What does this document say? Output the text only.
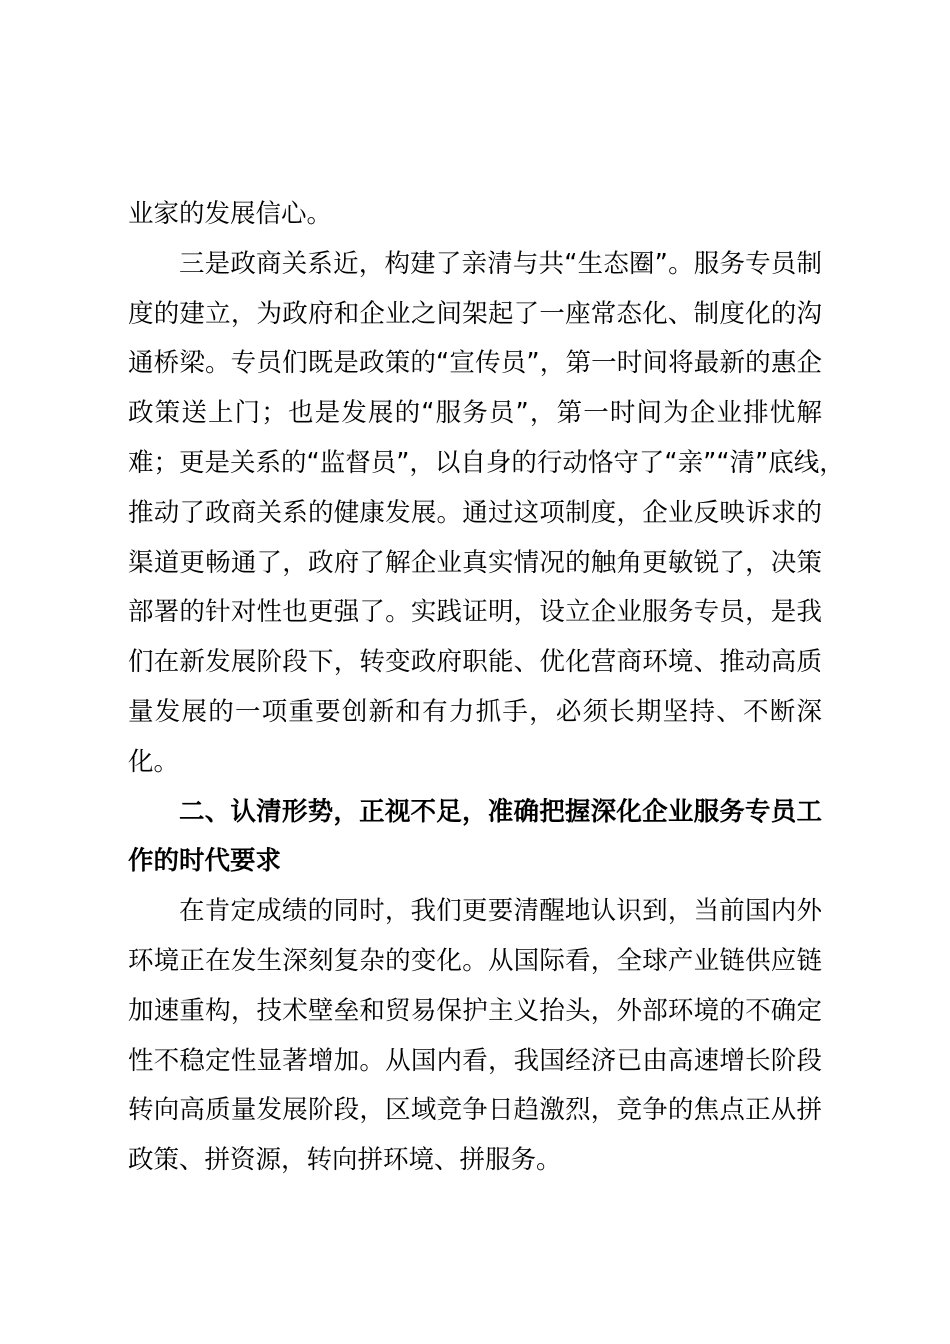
业家的发展信心。
三是政商关系近，构建了亲清与共“生态圈”。服务专员制
度的建立，为政府和企业之间架起了一座常态化、制度化的沟
通桥梁。专员们既是政策的“宣传员”，第一时间将最新的惠企
政策送上门；也是发展的“服务员”，第一时间为企业排忧解
难；更是关系的“监督员”，以自身的行动恪守了“亲”“清”底线，
推动了政商关系的健康发展。通过这项制度，企业反映诉求的
渠道更畅通了，政府了解企业真实情况的触角更敏锐了，决策
部署的针对性也更强了。实践证明，设立企业服务专员，是我
们在新发展阶段下，转变政府职能、优化营商环境、推动高质
量发展的一项重要创新和有力抓手，必须长期坚持、不断深
化。
二、认清形势，正视不足，准确把握深化企业服务专员工
作的时代要求
在肯定成绩的同时，我们更要清醒地认识到，当前国内外
环境正在发生深刻复杂的变化。从国际看，全球产业链供应链
加速重构，技术壁垒和贸易保护主义抬头，外部环境的不确定
性不稳定性显著增加。从国内看，我国经济已由高速增长阶段
转向高质量发展阶段，区域竞争日趋激烈，竞争的焦点正从拼
政策、拼资源，转向拼环境、拼服务。
